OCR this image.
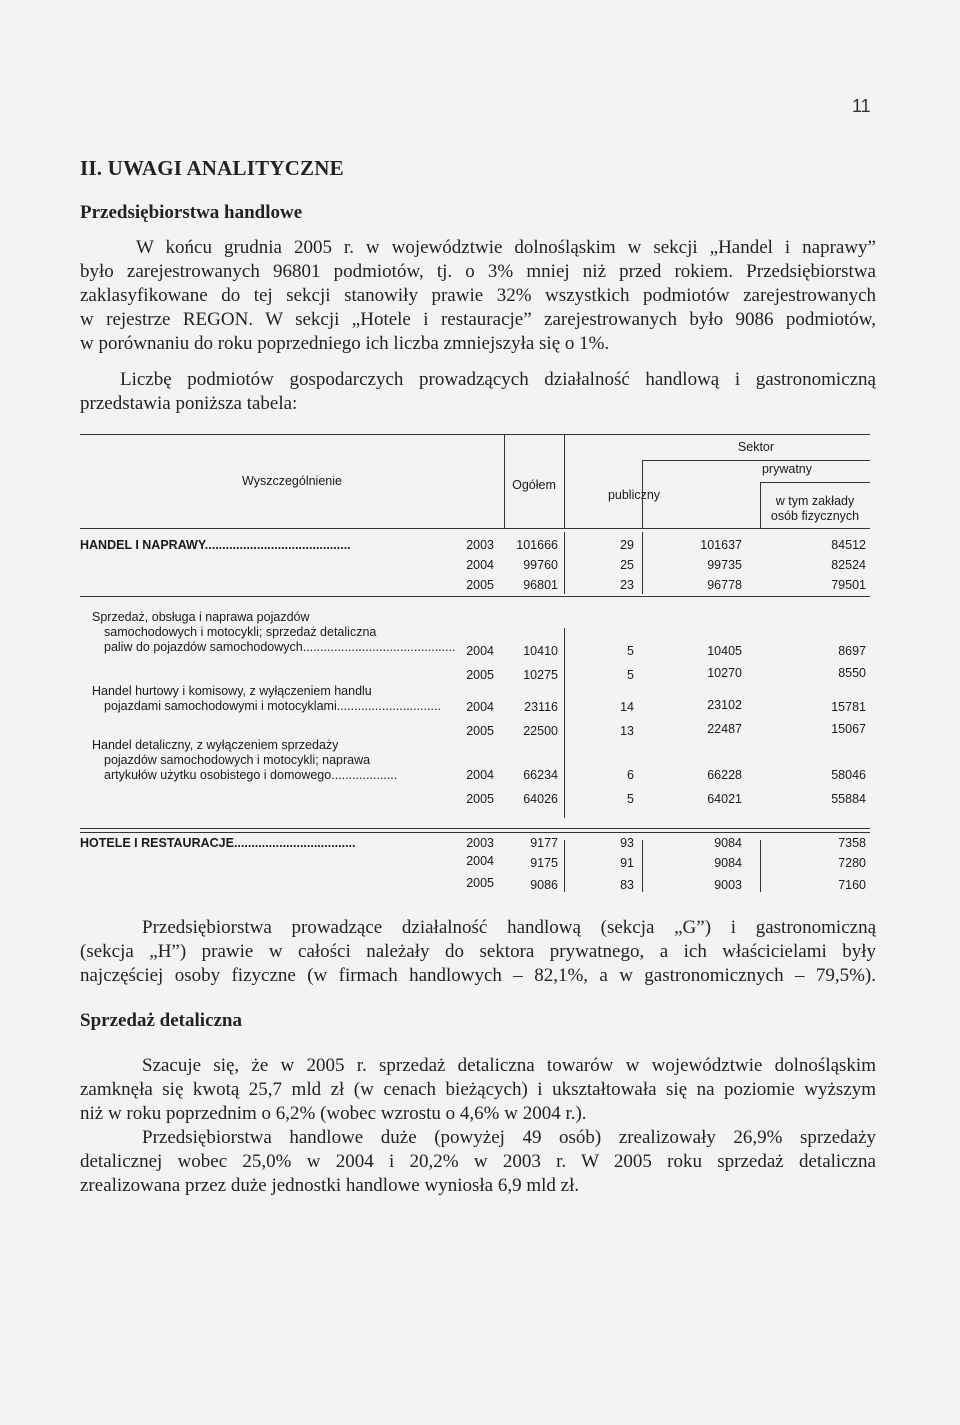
11
II. UWAGI ANALITYCZNE
Przedsiębiorstwa handlowe
W końcu grudnia 2005 r. w województwie dolnośląskim w sekcji „Handel i naprawy”
było zarejestrowanych 96801 podmiotów, tj. o 3% mniej niż przed rokiem. Przedsiębiorstwa
zaklasyfikowane do tej sekcji stanowiły prawie 32% wszystkich podmiotów zarejestrowanych
w rejestrze REGON. W sekcji „Hotele i restauracje” zarejestrowanych było 9086 podmiotów,
w porównaniu do roku poprzedniego ich liczba zmniejszyła się o 1%.
Liczbę podmiotów gospodarczych prowadzących działalność handlową i gastronomiczną
przedstawia poniższa tabela:
Wyszczególnienie	Ogółem
Sektor
publiczny
prywatny
w tym zakłady
osób fizycznych
HANDEL I NAPRAWY..........................................	2003	101666	29	101637	84512
2004	99760	25	99735	82524
2005	96801	23	96778	79501
Sprzedaż, obsługa i naprawa pojazdów
samochodowych i motocykli; sprzedaż detaliczna
paliw do pojazdów samochodowych............................................ 2004	10410	5	10405	8697
2005	10275	5	10270	8550
Handel hurtowy i komisowy, z wyłączeniem handlu
pojazdami samochodowymi i motocyklami..............................	2004	23116	14	23102	15781
2005	22500	13	22487	15067
Handel detaliczny, z wyłączeniem sprzedaży
pojazdów samochodowych i motocykli; naprawa
artykułów użytku osobistego i domowego...................	2004	66234	6	66228	58046
2005	64026	5	64021	55884
HOTELE I RESTAURACJE...................................	2003	9177	93	9084	7358
2004	9175	91	9084	7280
2005	9086	83	9003	7160
Przedsiębiorstwa prowadzące działalność handlową (sekcja „G”) i gastronomiczną
(sekcja „H”) prawie w całości należały do sektora prywatnego, a ich właścicielami były
najczęściej osoby fizyczne (w firmach handlowych – 82,1%, a w gastronomicznych – 79,5%).
Sprzedaż detaliczna
Szacuje się, że w 2005 r. sprzedaż detaliczna towarów w województwie dolnośląskim
zamknęła się kwotą 25,7 mld zł (w cenach bieżących) i ukształtowała się na poziomie wyższym
niż w roku poprzednim o 6,2% (wobec wzrostu o 4,6% w 2004 r.).
Przedsiębiorstwa handlowe duże (powyżej 49 osób) zrealizowały 26,9% sprzedaży
detalicznej wobec 25,0% w 2004 i 20,2% w 2003 r. W 2005 roku sprzedaż detaliczna
zrealizowana przez duże jednostki handlowe wyniosła 6,9 mld zł.
